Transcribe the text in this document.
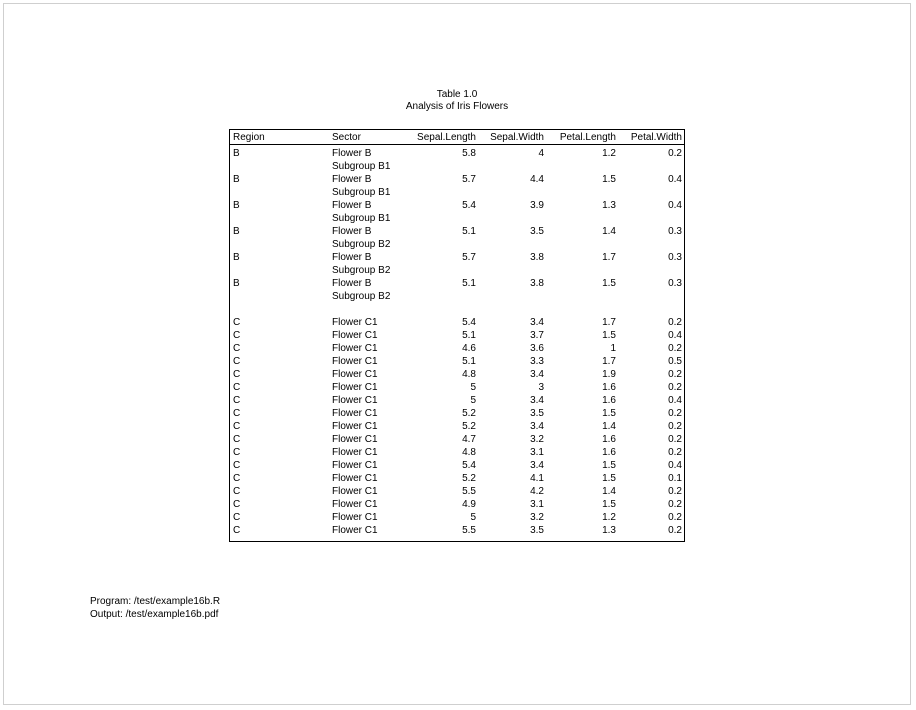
Table 1.0
Analysis of Iris Flowers
Region	Sector	Sepal.Length	Sepal.Width	Petal.Length	Petal.Width
B	Flower B	5.8	4	1.2	0.2
Subgroup B1
B	Flower B	5.7	4.4	1.5	0.4
Subgroup B1
B	Flower B	5.4	3.9	1.3	0.4
Subgroup B1
B	Flower B	5.1	3.5	1.4	0.3
Subgroup B2
B	Flower B	5.7	3.8	1.7	0.3
Subgroup B2
B	Flower B	5.1	3.8	1.5	0.3
Subgroup B2
C	Flower C1	5.4	3.4	1.7	0.2
C	Flower C1	5.1	3.7	1.5	0.4
C	Flower C1	4.6	3.6	1	0.2
C	Flower C1	5.1	3.3	1.7	0.5
C	Flower C1	4.8	3.4	1.9	0.2
C	Flower C1	5	3	1.6	0.2
C	Flower C1	5	3.4	1.6	0.4
C	Flower C1	5.2	3.5	1.5	0.2
C	Flower C1	5.2	3.4	1.4	0.2
C	Flower C1	4.7	3.2	1.6	0.2
C	Flower C1	4.8	3.1	1.6	0.2
C	Flower C1	5.4	3.4	1.5	0.4
C	Flower C1	5.2	4.1	1.5	0.1
C	Flower C1	5.5	4.2	1.4	0.2
C	Flower C1	4.9	3.1	1.5	0.2
C	Flower C1	5	3.2	1.2	0.2
C	Flower C1	5.5	3.5	1.3	0.2
Program: /test/example16b.R
Output: /test/example16b.pdf
